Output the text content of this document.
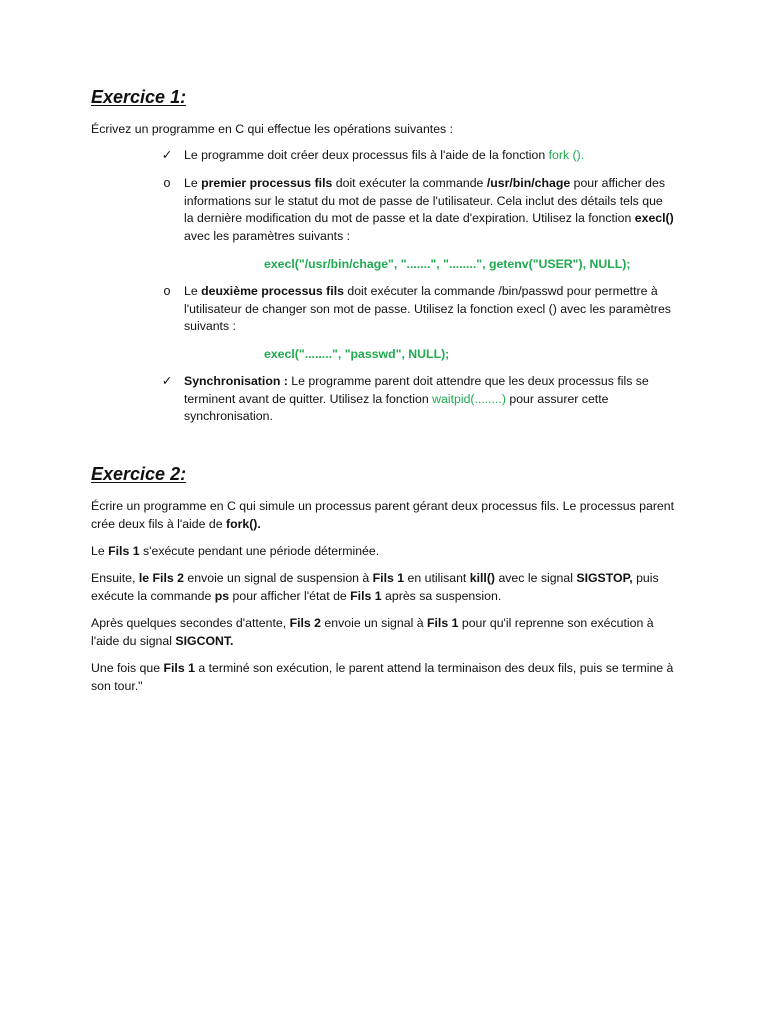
Exercice 1:

Écrivez un programme en C qui effectue les opérations suivantes :

✓ Le programme doit créer deux processus fils à l'aide de la fonction fork ().

o Le premier processus fils doit exécuter la commande /usr/bin/chage pour afficher des informations sur le statut du mot de passe de l'utilisateur. Cela inclut des détails tels que la dernière modification du mot de passe et la date d'expiration. Utilisez la fonction execl() avec les paramètres suivants :

execl("/usr/bin/chage", ".......", "........", getenv("USER"), NULL);

o Le deuxième processus fils doit exécuter la commande /bin/passwd pour permettre à l'utilisateur de changer son mot de passe. Utilisez la fonction execl () avec les paramètres suivants :

execl("........", "passwd", NULL);

✓ Synchronisation : Le programme parent doit attendre que les deux processus fils se terminent avant de quitter. Utilisez la fonction waitpid(........) pour assurer cette synchronisation.

Exercice 2:

Écrire un programme en C qui simule un processus parent gérant deux processus fils. Le processus parent crée deux fils à l'aide de fork().

Le Fils 1 s'exécute pendant une période déterminée.

Ensuite, le Fils 2 envoie un signal de suspension à Fils 1 en utilisant kill() avec le signal SIGSTOP, puis exécute la commande ps pour afficher l'état de Fils 1 après sa suspension.

Après quelques secondes d'attente, Fils 2 envoie un signal à Fils 1 pour qu'il reprenne son exécution à l'aide du signal SIGCONT.

Une fois que Fils 1 a terminé son exécution, le parent attend la terminaison des deux fils, puis se termine à son tour."
